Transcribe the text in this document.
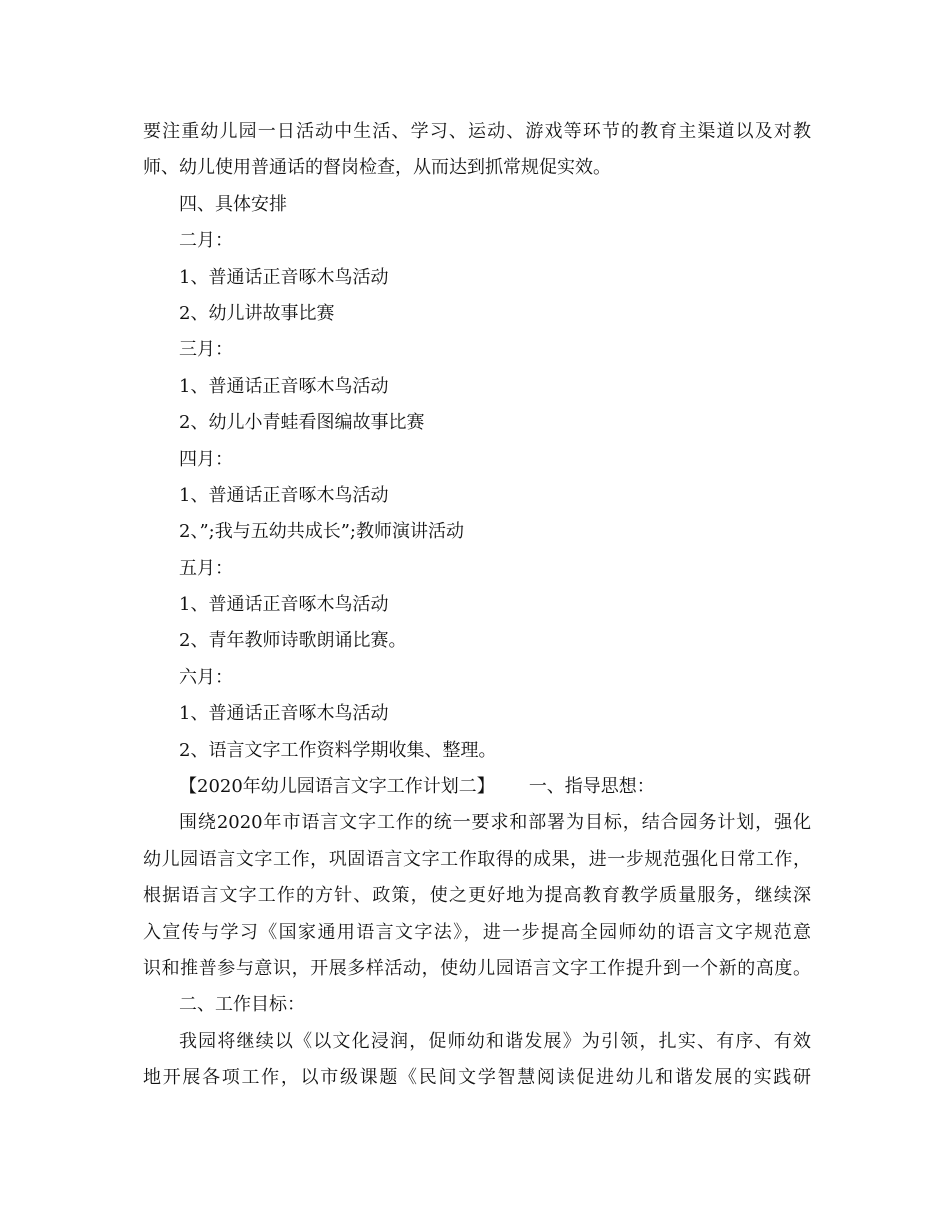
要注重幼儿园一日活动中生活、学习、运动、游戏等环节的教育主渠道以及对教
师、幼儿使用普通话的督岗检查，从而达到抓常规促实效。
四、具体安排
二月：
1、普通话正音啄木鸟活动
2、幼儿讲故事比赛
三月：
1、普通话正音啄木鸟活动
2、幼儿小青蛙看图编故事比赛
四月：
1、普通话正音啄木鸟活动
2、”;我与五幼共成长”;教师演讲活动
五月：
1、普通话正音啄木鸟活动
2、青年教师诗歌朗诵比赛。
六月：
1、普通话正音啄木鸟活动
2、语言文字工作资料学期收集、整理。
【2020年幼儿园语言文字工作计划二】 一、指导思想：
围绕2020年市语言文字工作的统一要求和部署为目标，结合园务计划，强化
幼儿园语言文字工作，巩固语言文字工作取得的成果，进一步规范强化日常工作，
根据语言文字工作的方针、政策，使之更好地为提高教育教学质量服务，继续深
入宣传与学习《国家通用语言文字法》，进一步提高全园师幼的语言文字规范意
识和推普参与意识，开展多样活动，使幼儿园语言文字工作提升到一个新的高度。
二、工作目标：
我园将继续以《以文化浸润，促师幼和谐发展》为引领，扎实、有序、有效
地开展各项工作，以市级课题《民间文学智慧阅读促进幼儿和谐发展的实践研
